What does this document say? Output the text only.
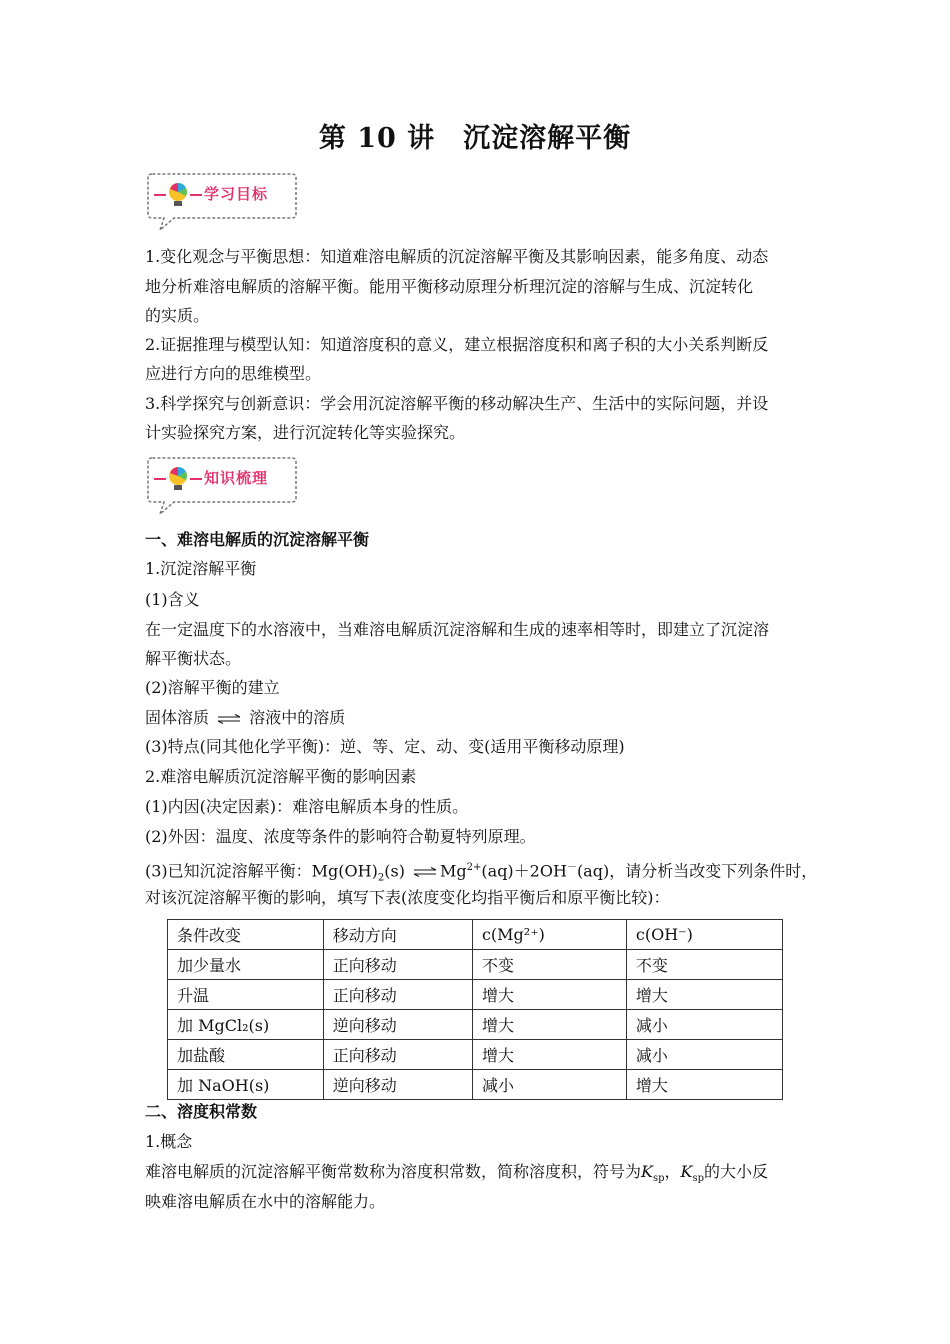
第 10 讲　沉淀溶解平衡
学习目标
1.变化观念与平衡思想：知道难溶电解质的沉淀溶解平衡及其影响因素，能多角度、动态
地分析难溶电解质的溶解平衡。能用平衡移动原理分析理沉淀的溶解与生成、沉淀转化
的实质。
2.证据推理与模型认知：知道溶度积的意义，建立根据溶度积和离子积的大小关系判断反
应进行方向的思维模型。
3.科学探究与创新意识：学会用沉淀溶解平衡的移动解决生产、生活中的实际问题，并设
计实验探究方案，进行沉淀转化等实验探究。
知识梳理
一、难溶电解质的沉淀溶解平衡
1.沉淀溶解平衡
(1)含义
在一定温度下的水溶液中，当难溶电解质沉淀溶解和生成的速率相等时，即建立了沉淀溶
解平衡状态。
(2)溶解平衡的建立
固体溶质 ⇌ 溶液中的溶质
(3)特点(同其他化学平衡)：逆、等、定、动、变(适用平衡移动原理)
2.难溶电解质沉淀溶解平衡的影响因素
(1)内因(决定因素)：难溶电解质本身的性质。
(2)外因：温度、浓度等条件的影响符合勒夏特列原理。
(3)已知沉淀溶解平衡：$Mg(OH)_2(s)$ ⇌ $Mg^{2+}(aq)+2OH^-(aq)$，请分析当改变下列条件时，
对该沉淀溶解平衡的影响，填写下表(浓度变化均指平衡后和原平衡比较)：
条件改变	移动方向	c(Mg²⁺)	c(OH⁻)
加少量水	正向移动	不变	不变
升温	正向移动	增大	增大
加 MgCl₂(s)	逆向移动	增大	减小
加盐酸	正向移动	增大	减小
加 NaOH(s)	逆向移动	减小	增大
二、溶度积常数
1.概念
难溶电解质的沉淀溶解平衡常数称为溶度积常数，简称溶度积，符号为$K_{sp}$，$K_{sp}$的大小反
映难溶电解质在水中的溶解能力。
